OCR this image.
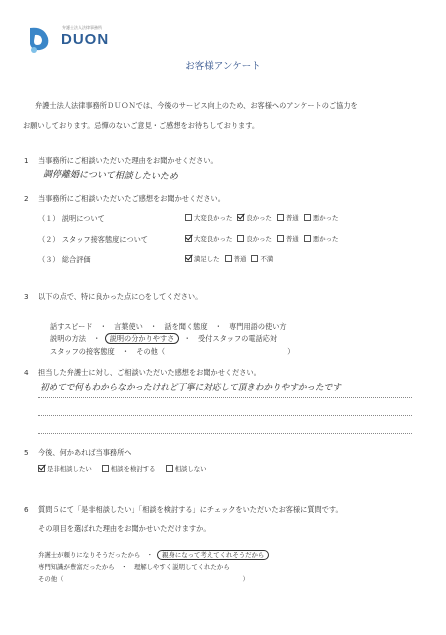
弁護士法人法律事務所
DUON
お客様アンケート
弁護士法人法律事務所ＤＵＯＮでは、今後のサービス向上のため、お客様へのアンケートのご協力を
お願いしております。忌憚のないご意見・ご感想をお待ちしております。
1 当事務所にご相談いただいた理由をお聞かせください。
調停離婚について相談したいため
2 当事務所にご相談いただいたご感想をお聞かせください。
（１） 説明について	大変良かった 良かった 普通 悪かった
（２） スタッフ接客態度について	大変良かった 良かった 普通 悪かった
（３） 総合評価	満足した 普通 不満
3 以下の点で、特に良かった点に○をしてください。
話すスピード　・　言葉使い　・　話を聞く態度　・　専門用語の使い方
説明の方法　・ 説明の分かりやすさ ・　受付スタッフの電話応対
スタッフの接客態度　・　その他（　　　　　　　　　　　　　　　　　）
4 担当した弁護士に対し、ご相談いただいた感想をお聞かせください。
初めてで何もわからなかったけれど丁寧に対応して頂きわかりやすかったです
5 今後、何かあれば当事務所へ
是非相談したい	相談を検討する	相談しない
6 質問５にて「是非相談したい」「相談を検討する」にチェックをいただいたお客様に質問です。
その項目を選ばれた理由をお聞かせいただけますか。
弁護士が頼りになりそうだったから　・ 親身になって考えてくれそうだから
専門知識が豊富だったから　・　理解しやすく説明してくれたから
その他（　　　　　　　　　　　　　　　　　　　　　　　　　　　　）
